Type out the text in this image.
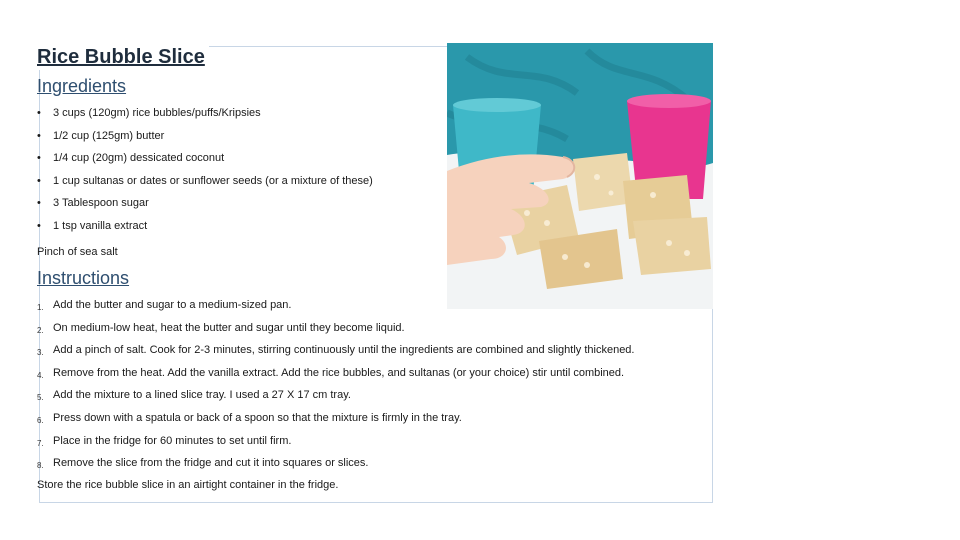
Rice Bubble Slice
Ingredients
• 3 cups (120gm) rice bubbles/puffs/Kripsies
• 1/2 cup (125gm) butter
• 1/4 cup (20gm) dessicated coconut
• 1 cup sultanas or dates or sunflower seeds (or a mixture of these)
• 3 Tablespoon sugar
• 1 tsp vanilla extract

Pinch of sea salt

Instructions
1. Add the butter and sugar to a medium-sized pan.
2. On medium-low heat, heat the butter and sugar until they become liquid.
3. Add a pinch of salt. Cook for 2-3 minutes, stirring continuously until the ingredients are combined and slightly thickened.
4. Remove from the heat. Add the vanilla extract. Add the rice bubbles, and sultanas (or your choice) stir until combined.
5. Add the mixture to a lined slice tray. I used a 27 X 17 cm tray.
6. Press down with a spatula or back of a spoon so that the mixture is firmly in the tray.
7. Place in the fridge for 60 minutes to set until firm.
8. Remove the slice from the fridge and cut it into squares or slices.

Store the rice bubble slice in an airtight container in the fridge.
